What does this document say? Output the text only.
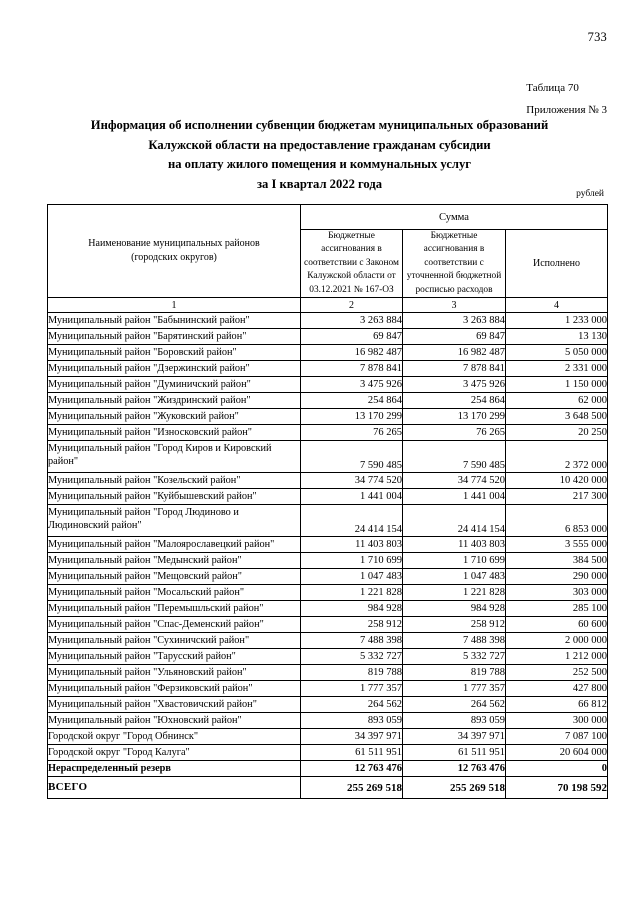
733
Таблица 70
Приложения № 3
Информация об исполнении субвенции бюджетам муниципальных образований
Калужской области на предоставление гражданам субсидии
на оплату жилого помещения и коммунальных услуг
за I квартал 2022 года
рублей
Наименование муниципальных районов
(городских округов)	Сумма		
	Бюджетные ассигнования в соответствии с Законом Калужской области от 03.12.2021 № 167-ОЗ	Бюджетные ассигнования в соответствии с уточненной бюджетной росписью расходов	Исполнено
1	2	3	4
Муниципальный район "Бабынинский район"	3 263 884	3 263 884	1 233 000
Муниципальный район "Барятинский район"	69 847	69 847	13 130
Муниципальный район "Боровский район"	16 982 487	16 982 487	5 050 000
Муниципальный район "Дзержинский район"	7 878 841	7 878 841	2 331 000
Муниципальный район "Думиничский район"	3 475 926	3 475 926	1 150 000
Муниципальный район "Жиздринский район"	254 864	254 864	62 000
Муниципальный район "Жуковский район"	13 170 299	13 170 299	3 648 500
Муниципальный район "Износковский район"	76 265	76 265	20 250
Муниципальный район "Город Киров и Кировский район"	7 590 485	7 590 485	2 372 000
Муниципальный район "Козельский район"	34 774 520	34 774 520	10 420 000
Муниципальный район "Куйбышевский район"	1 441 004	1 441 004	217 300
Муниципальный район "Город Людиново и Людиновский район"	24 414 154	24 414 154	6 853 000
Муниципальный район "Малоярославецкий район"	11 403 803	11 403 803	3 555 000
Муниципальный район "Медынский район"	1 710 699	1 710 699	384 500
Муниципальный район "Мещовский район"	1 047 483	1 047 483	290 000
Муниципальный район "Мосальский район"	1 221 828	1 221 828	303 000
Муниципальный район "Перемышльский район"	984 928	984 928	285 100
Муниципальный район "Спас-Деменский район"	258 912	258 912	60 600
Муниципальный район "Сухиничский район"	7 488 398	7 488 398	2 000 000
Муниципальный район "Тарусский район"	5 332 727	5 332 727	1 212 000
Муниципальный район "Ульяновский район"	819 788	819 788	252 500
Муниципальный район "Ферзиковский район"	1 777 357	1 777 357	427 800
Муниципальный район "Хвастовичский район"	264 562	264 562	66 812
Муниципальный район "Юхновский район"	893 059	893 059	300 000
Городской округ "Город Обнинск"	34 397 971	34 397 971	7 087 100
Городской округ "Город Калуга"	61 511 951	61 511 951	20 604 000
Нераспределенный резерв	12 763 476	12 763 476	0
ВСЕГО	255 269 518	255 269 518	70 198 592
